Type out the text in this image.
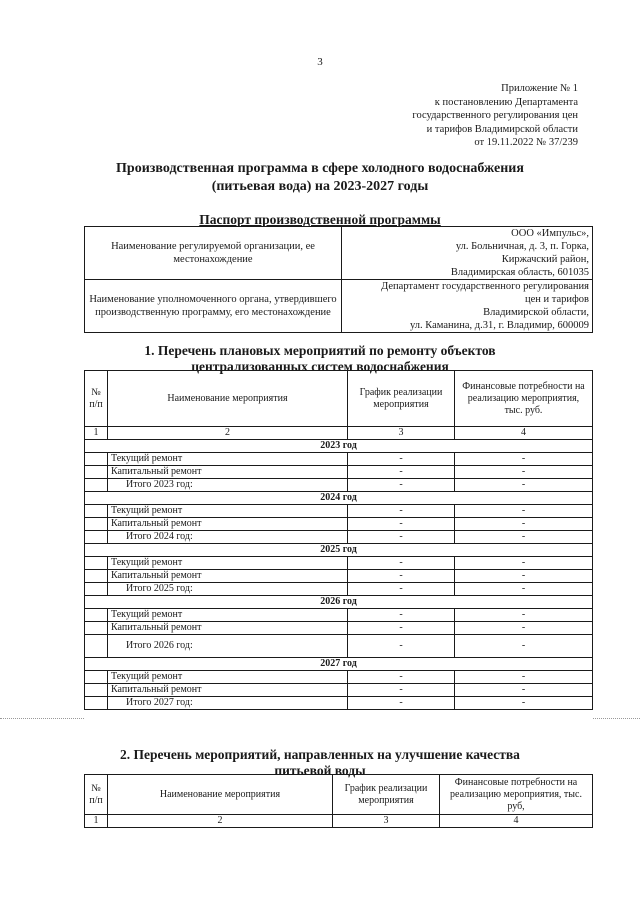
3
Приложение № 1
к постановлению Департамента
государственного регулирования цен
и тарифов Владимирской области
от 19.11.2022 № 37/239
Производственная программа в сфере холодного водоснабжения
(питьевая вода) на 2023-2027 годы
Паспорт производственной программы
Наименование регулируемой организации, ее местонахождение	ООО «Импульс»,
ул. Больничная, д. 3, п. Горка,
Киржачский район,
Владимирская область, 601035

Наименование уполномоченного органа, утвердившего производственную программу, его местонахождение	Департамент государственного регулирования
цен и тарифов
Владимирской области,
ул. Каманина, д.31, г. Владимир, 600009
1. Перечень плановых мероприятий по ремонту объектов
централизованных систем водоснабжения
№ п/п	Наименование мероприятия	График реализации мероприятия	Финансовые потребности на реализацию мероприятия, тыс. руб.
1	2	3	4
2023 год			
	Текущий ремонт	-	-
	Капитальный ремонт	-	-
	Итого 2023 год:	-	-
2024 год			
	Текущий ремонт	-	-
	Капитальный ремонт	-	-
	Итого 2024 год:	-	-
2025 год			
	Текущий ремонт	-	-
	Капитальный ремонт	-	-
	Итого 2025 год:	-	-
2026 год			
	Текущий ремонт	-	-
	Капитальный ремонт	-	-
	Итого 2026 год:	-	-
2027 год			
	Текущий ремонт	-	-
	Капитальный ремонт	-	-
	Итого 2027 год:	-	-
2. Перечень мероприятий, направленных на улучшение качества
питьевой воды
№ п/п	Наименование мероприятия	График реализации мероприятия	Финансовые потребности на реализацию мероприятия, тыс. руб,
1	2	3	4
